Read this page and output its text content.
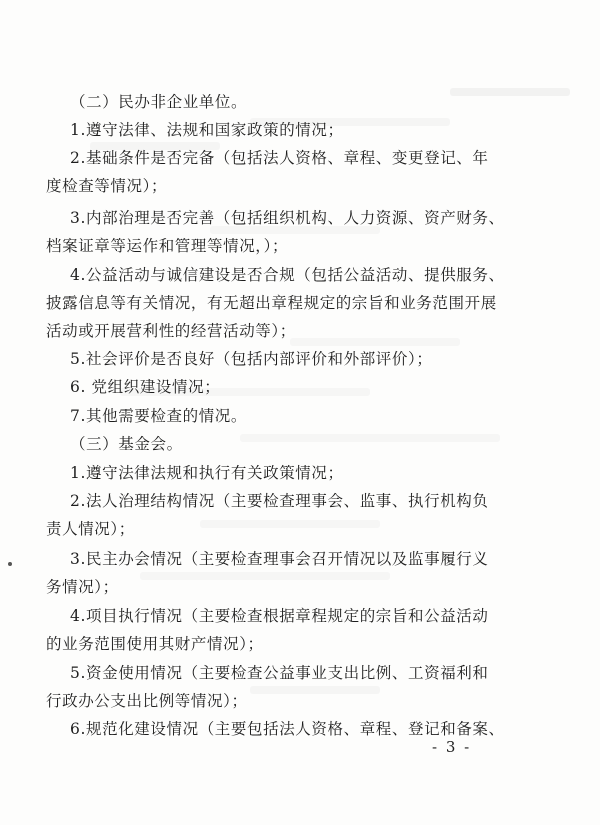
（二）民办非企业单位。
1.遵守法律、法规和国家政策的情况；
2.基础条件是否完备（包括法人资格、章程、变更登记、年
度检查等情况）；
3.内部治理是否完善（包括组织机构、人力资源、资产财务、
档案证章等运作和管理等情况，）；
4.公益活动与诚信建设是否合规（包括公益活动、提供服务、
披露信息等有关情况，有无超出章程规定的宗旨和业务范围开展
活动或开展营利性的经营活动等）；
5.社会评价是否良好（包括内部评价和外部评价）；
6. 党组织建设情况；
7.其他需要检查的情况。
（三）基金会。
1.遵守法律法规和执行有关政策情况；
2.法人治理结构情况（主要检查理事会、监事、执行机构负
责人情况）；
3.民主办会情况（主要检查理事会召开情况以及监事履行义
务情况）；
4.项目执行情况（主要检查根据章程规定的宗旨和公益活动
的业务范围使用其财产情况）；
5.资金使用情况（主要检查公益事业支出比例、工资福利和
行政办公支出比例等情况）；
6.规范化建设情况（主要包括法人资格、章程、登记和备案、
- 3 -
